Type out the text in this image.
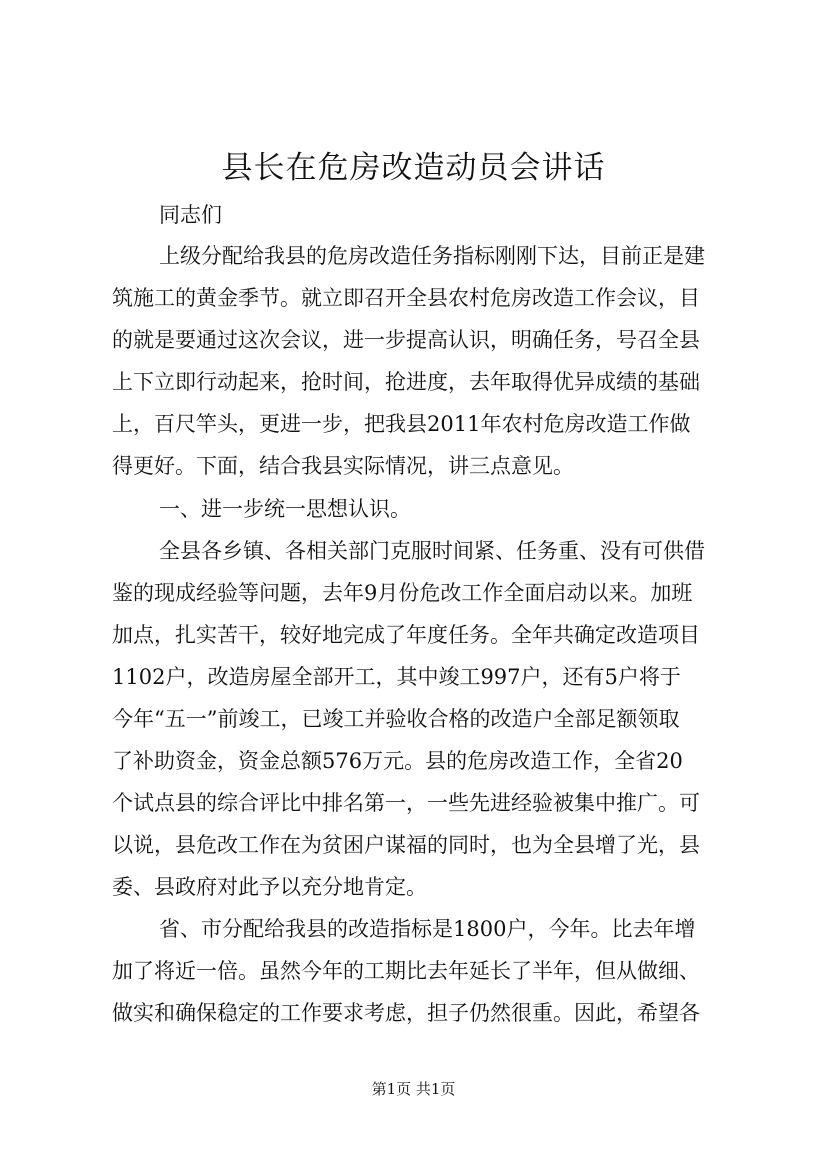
县长在危房改造动员会讲话
同志们
上级分配给我县的危房改造任务指标刚刚下达，目前正是建
筑施工的黄金季节。就立即召开全县农村危房改造工作会议，目
的就是要通过这次会议，进一步提高认识，明确任务，号召全县
上下立即行动起来，抢时间，抢进度，去年取得优异成绩的基础
上，百尺竿头，更进一步，把我县2011年农村危房改造工作做
得更好。下面，结合我县实际情况，讲三点意见。
一、进一步统一思想认识。
全县各乡镇、各相关部门克服时间紧、任务重、没有可供借
鉴的现成经验等问题，去年9月份危改工作全面启动以来。加班
加点，扎实苦干，较好地完成了年度任务。全年共确定改造项目
1102户，改造房屋全部开工，其中竣工997户，还有5户将于
今年“五一”前竣工，已竣工并验收合格的改造户全部足额领取
了补助资金，资金总额576万元。县的危房改造工作，全省20
个试点县的综合评比中排名第一，一些先进经验被集中推广。可
以说，县危改工作在为贫困户谋福的同时，也为全县增了光，县
委、县政府对此予以充分地肯定。
省、市分配给我县的改造指标是1800户，今年。比去年增
加了将近一倍。虽然今年的工期比去年延长了半年，但从做细、
做实和确保稳定的工作要求考虑，担子仍然很重。因此，希望各
第1页 共1页
